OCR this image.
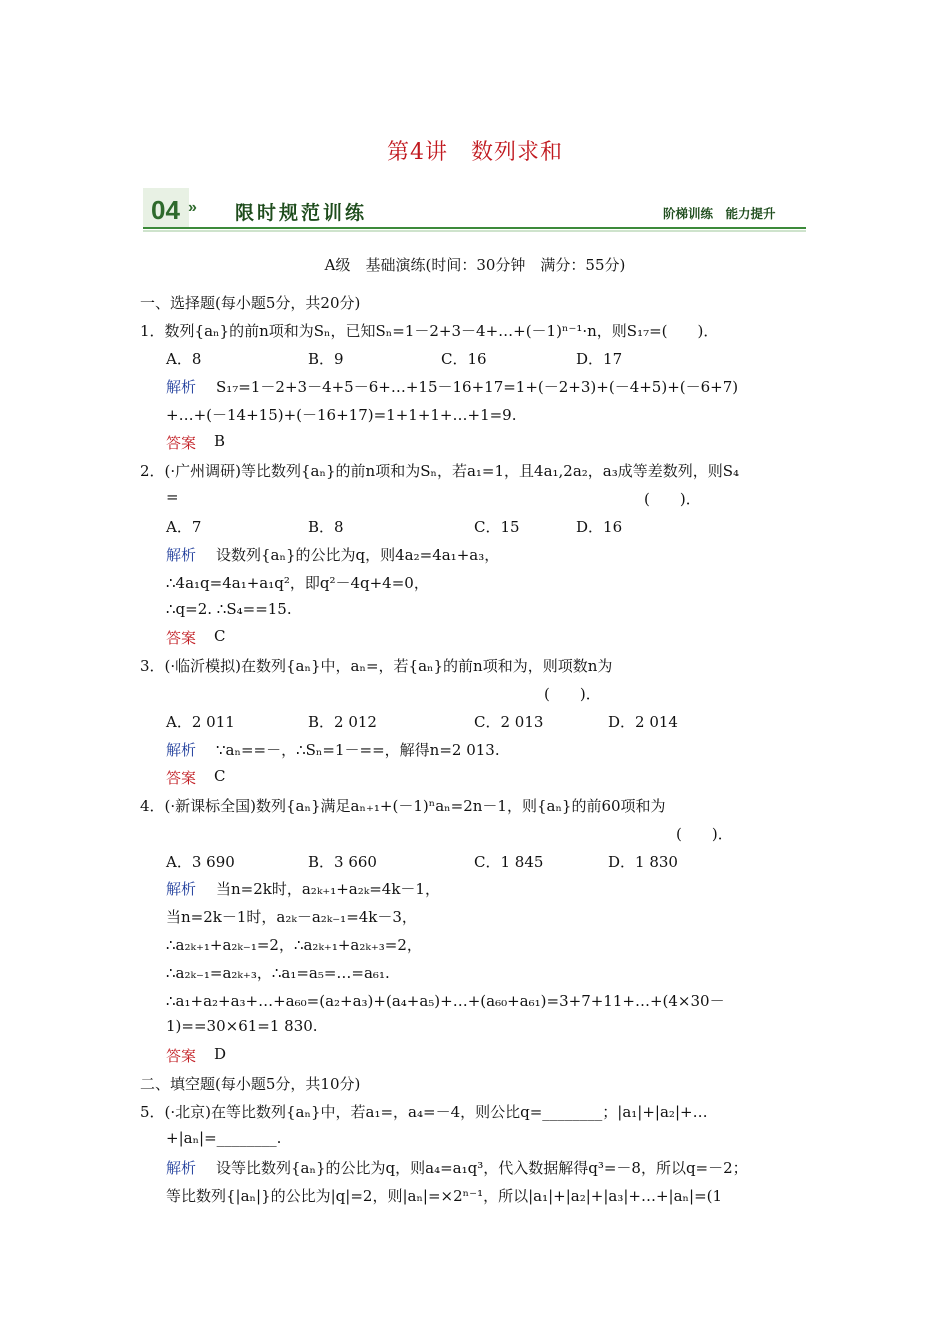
第4讲　数列求和
04 » 限时规范训练	阶梯训练　能力提升
A级　基础演练(时间：30分钟　满分：55分)
一、选择题(每小题5分，共20分)
1．数列{aₙ}的前n项和为Sₙ，已知Sₙ=1－2+3－4+…+(－1)ⁿ⁻¹·n，则S₁₇=(　　)．
A．8	B．9	C．16	D．17
解析 S₁₇=1－2+3－4+5－6+…+15－16+17=1+(－2+3)+(－4+5)+(－6+7)
+…+(－14+15)+(－16+17)=1+1+1+…+1=9.
答案 B
2．(·广州调研)等比数列{aₙ}的前n项和为Sₙ，若a₁=1，且4a₁,2a₂，a₃成等差数列，则S₄
=	(　　)．
A．7	B．8	C．15	D．16
解析 设数列{aₙ}的公比为q，则4a₂=4a₁+a₃，
∴4a₁q=4a₁+a₁q²，即q²－4q+4=0，
∴q=2. ∴S₄==15.
答案 C
3．(·临沂模拟)在数列{aₙ}中，aₙ=，若{aₙ}的前n项和为，则项数n为
(　　)．
A．2 011	B．2 012	C．2 013	D．2 014
解析 ∵aₙ==－，∴Sₙ=1－==，解得n=2 013.
答案 C
4．(·新课标全国)数列{aₙ}满足aₙ₊₁+(－1)ⁿaₙ=2n－1，则{aₙ}的前60项和为
(　　)．
A．3 690	B．3 660	C．1 845	D．1 830
解析 当n=2k时，a₂ₖ₊₁+a₂ₖ=4k－1，
当n=2k－1时，a₂ₖ－a₂ₖ₋₁=4k－3，
∴a₂ₖ₊₁+a₂ₖ₋₁=2，∴a₂ₖ₊₁+a₂ₖ₊₃=2，
∴a₂ₖ₋₁=a₂ₖ₊₃，∴a₁=a₅=…=a₆₁.
∴a₁+a₂+a₃+…+a₆₀=(a₂+a₃)+(a₄+a₅)+…+(a₆₀+a₆₁)=3+7+11+…+(4×30－
1)==30×61=1 830.
答案 D
二、填空题(每小题5分，共10分)
5．(·北京)在等比数列{aₙ}中，若a₁=，a₄=－4，则公比q=________；|a₁|+|a₂|+…
+|aₙ|=________.
解析 设等比数列{aₙ}的公比为q，则a₄=a₁q³，代入数据解得q³=－8，所以q=－2；
等比数列{|aₙ|}的公比为|q|=2，则|aₙ|=×2ⁿ⁻¹，所以|a₁|+|a₂|+|a₃|+…+|aₙ|=(1
